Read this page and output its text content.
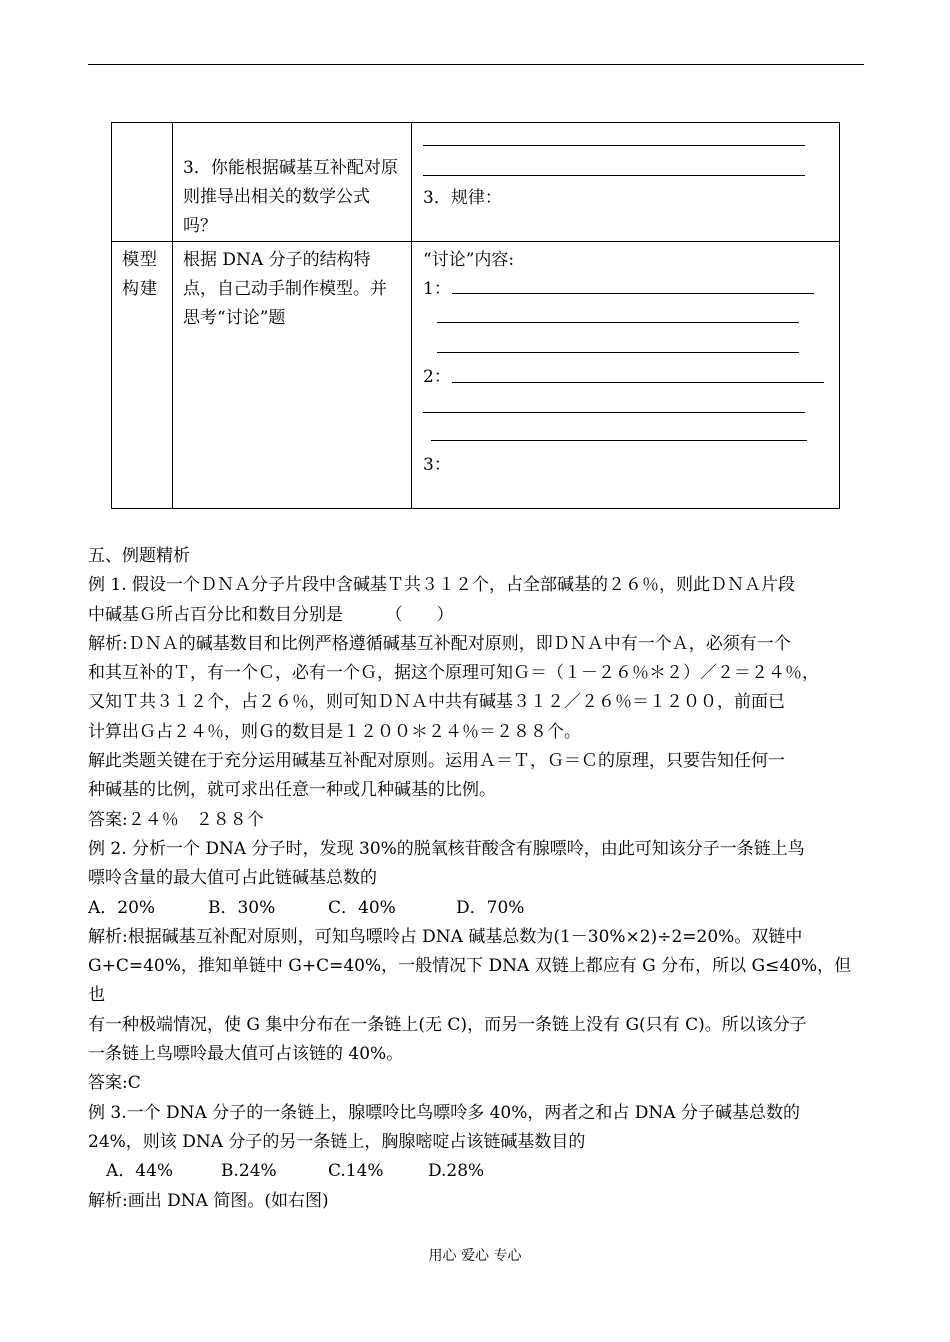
	3．你能根据碱基互补配对原则推导出相关的数学公式吗？	3．规律：

模型构建	根据 DNA 分子的结构特点，自己动手制作模型。并思考“讨论”题	“讨论”内容:
1：
2：
3：

五、例题精析

例 1. 假设一个ＤＮＡ分子片段中含碱基Ｔ共３１２个，占全部碱基的２６％，则此ＤＮＡ片段

中碱基Ｇ所占百分比和数目分别是　　　（　　）

解析:ＤＮＡ的碱基数目和比例严格遵循碱基互补配对原则，即ＤＮＡ中有一个Ａ，必须有一个

和其互补的Ｔ，有一个Ｃ，必有一个Ｇ，据这个原理可知Ｇ＝（１－２６％＊２）／２＝２４％，

又知Ｔ共３１２个，占２６％，则可知ＤＮＡ中共有碱基３１２／２６％＝１２００，前面已

计算出Ｇ占２４％，则Ｇ的数目是１２００＊２４％＝２８８个。

解此类题关键在于充分运用碱基互补配对原则。运用Ａ＝Ｔ，Ｇ＝Ｃ的原理，只要告知任何一

种碱基的比例，就可求出任意一种或几种碱基的比例。

答案:２４％　２８８个

例 2. 分析一个 DNA 分子时，发现 30%的脱氧核苷酸含有腺嘌呤，由此可知该分子一条链上鸟

嘌呤含量的最大值可占此链碱基总数的

A．20%	B．30%	C．40%	D．70%

解析:根据碱基互补配对原则，可知鸟嘌呤占 DNA 碱基总数为(1－30%×2)÷2=20%。双链中

G+C=40%，推知单链中 G+C=40%，一般情况下 DNA 双链上都应有 G 分布，所以 G≤40%，但也

有一种极端情况，使 G 集中分布在一条链上(无 C)，而另一条链上没有 G(只有 C)。所以该分子

一条链上鸟嘌呤最大值可占该链的 40%。

答案:C

例 3.一个 DNA 分子的一条链上，腺嘌呤比鸟嘌呤多 40%，两者之和占 DNA 分子碱基总数的

24%，则该 DNA 分子的另一条链上，胸腺嘧啶占该链碱基数目的

A．44%	B.24%	C.14%	D.28%

解析:画出 DNA 简图。(如右图)

用心 爱心 专心
